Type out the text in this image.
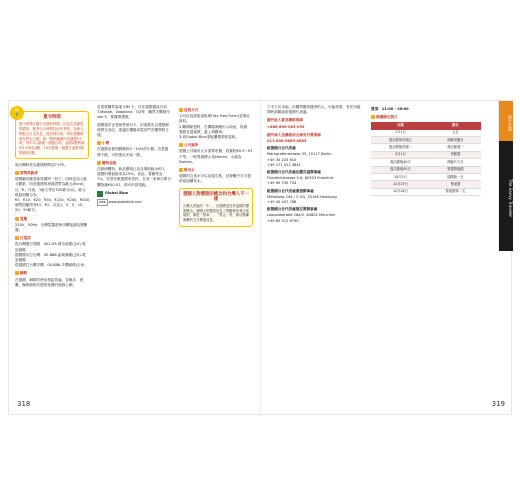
💡
夏令時間
夏令時間又稱日光節約時間，因為在高緯度的國家，夏季白天時間長而冬季短，為使人們配合日光作息，提高利用率，每年德國都會在特定日期，統一將時鐘調快或調慢1小時。每年3月最後一個週日時，凌晨2點將調快1小時為3點，10月最後一個週日凌晨3點則調回2點。

與台灣時差為德國時間加7小時。

貨幣與匯率

德國屬於歐盟會員國的一份子，同時也加入歐元體系，因此德國的流通貨幣為歐元(Euro)，以「€」代表，1歐元等於100歐分(¢)。歐元紙鈔面額分為€5、€10、€20、€50、€100、€200、€500，硬幣面額則有€1、€2，以及1、2、5、10、20、50歐分。

電壓

220V、50Hz，台灣電器需使用轉接頭及變壓器。

打電話

從台灣撥打德國：002-49-城市區碼(去0)-電話號碼
德國國內打台灣：00-886-區域號碼(去0)-電話號碼
從德國打台灣手機：00-886-手機號碼(去0)

網路

在德國，網路的使用相當普遍，各飯店、餐廳、咖啡館都有提供免費的無線上網。

若需要購買當地 SIM 卡，可在德國通訊行如 T-Mobile、Vodafone、O2等，購買手機預付sim卡，要攜帶護照。

德國超市也有販售預付卡，但需要先以護照辦理實名登記，建議在機場或電信門市購買較方便。

小費

在德國用餐消費額約5～10%的小費。若是服務不錯，可依情況多給一點。

購物退稅

在歐洲購物，商品價格已包含增值稅(VAT)，德國的增值稅率為19%，食品、書籍等為7%。若您非歐盟國家居民，在同一家商店單日購物滿€50.01，即可申請退稅。

Global Blue
web www.globalblue.com
退稅方式

1.向店員索取退稅單(Tax Free Form)並填妥資料。
2.離開歐盟時，在機場海關出示商品、收據、護照及退稅單，蓋上海關章。
3.到Global Blue退稅櫃檯領取退稅。

公共廁所

德國公共廁所大多需要收費，收費約€0.5～€1不等。一般男廁標示為Herren，女廁為Damen。

飲用水

德國的自來水可以直接生飲，但餐廳中多半提供氣泡礦泉水。

德國人對標語的概念和台灣人不一樣
台灣人常說的「中」，在德國並沒有這樣的標語概念。德國人的標語是為了提醒使用者注意規則，像是「停車」、「禁止」等，都以簡潔明瞭的方式傳達訊息。
318

下手少於本地，但購買體育競爭的人，可能需要，有任何疑問時請聯絡駐德國代表處。

國外旅人緊急聯絡專線

+886-800-085-095

國外個人急難救助全球免付費專線

011-800-0885-0885

駐德國台北代表處

Markgrafenstrasse 35, 10117 Berlin
+49 30 203 610
+49 171 521 4641

駐德國台北代表處法蘭克福辦事處

Friedrichstrasse 2-6, 60323 Frankfurt
+49 69 745 734

駐德國台北代表處漢堡辦事處

Mittelweg 144 / 2.OG, 20148 Hamburg
+49 40 447 788

駐德國台北代表處慕尼黑辦事處

Leopoldstraße 28a/V, 80802 München
+49 89 512 6790

營業：11:00 - 20:00
德國國定假日
日期	節日
1月1日	元旦
復活節前的週五	耶穌受難日
復活節後的週一	復活節週一
5月1日	勞動節
復活節後40天	耶穌升天日
復活節後50天	聖靈降臨節
10月3日	德國統一日
12月25日	聖誕節
12月26日	聖誕節第二天
旅行計畫
The Savvy Traveler
319
